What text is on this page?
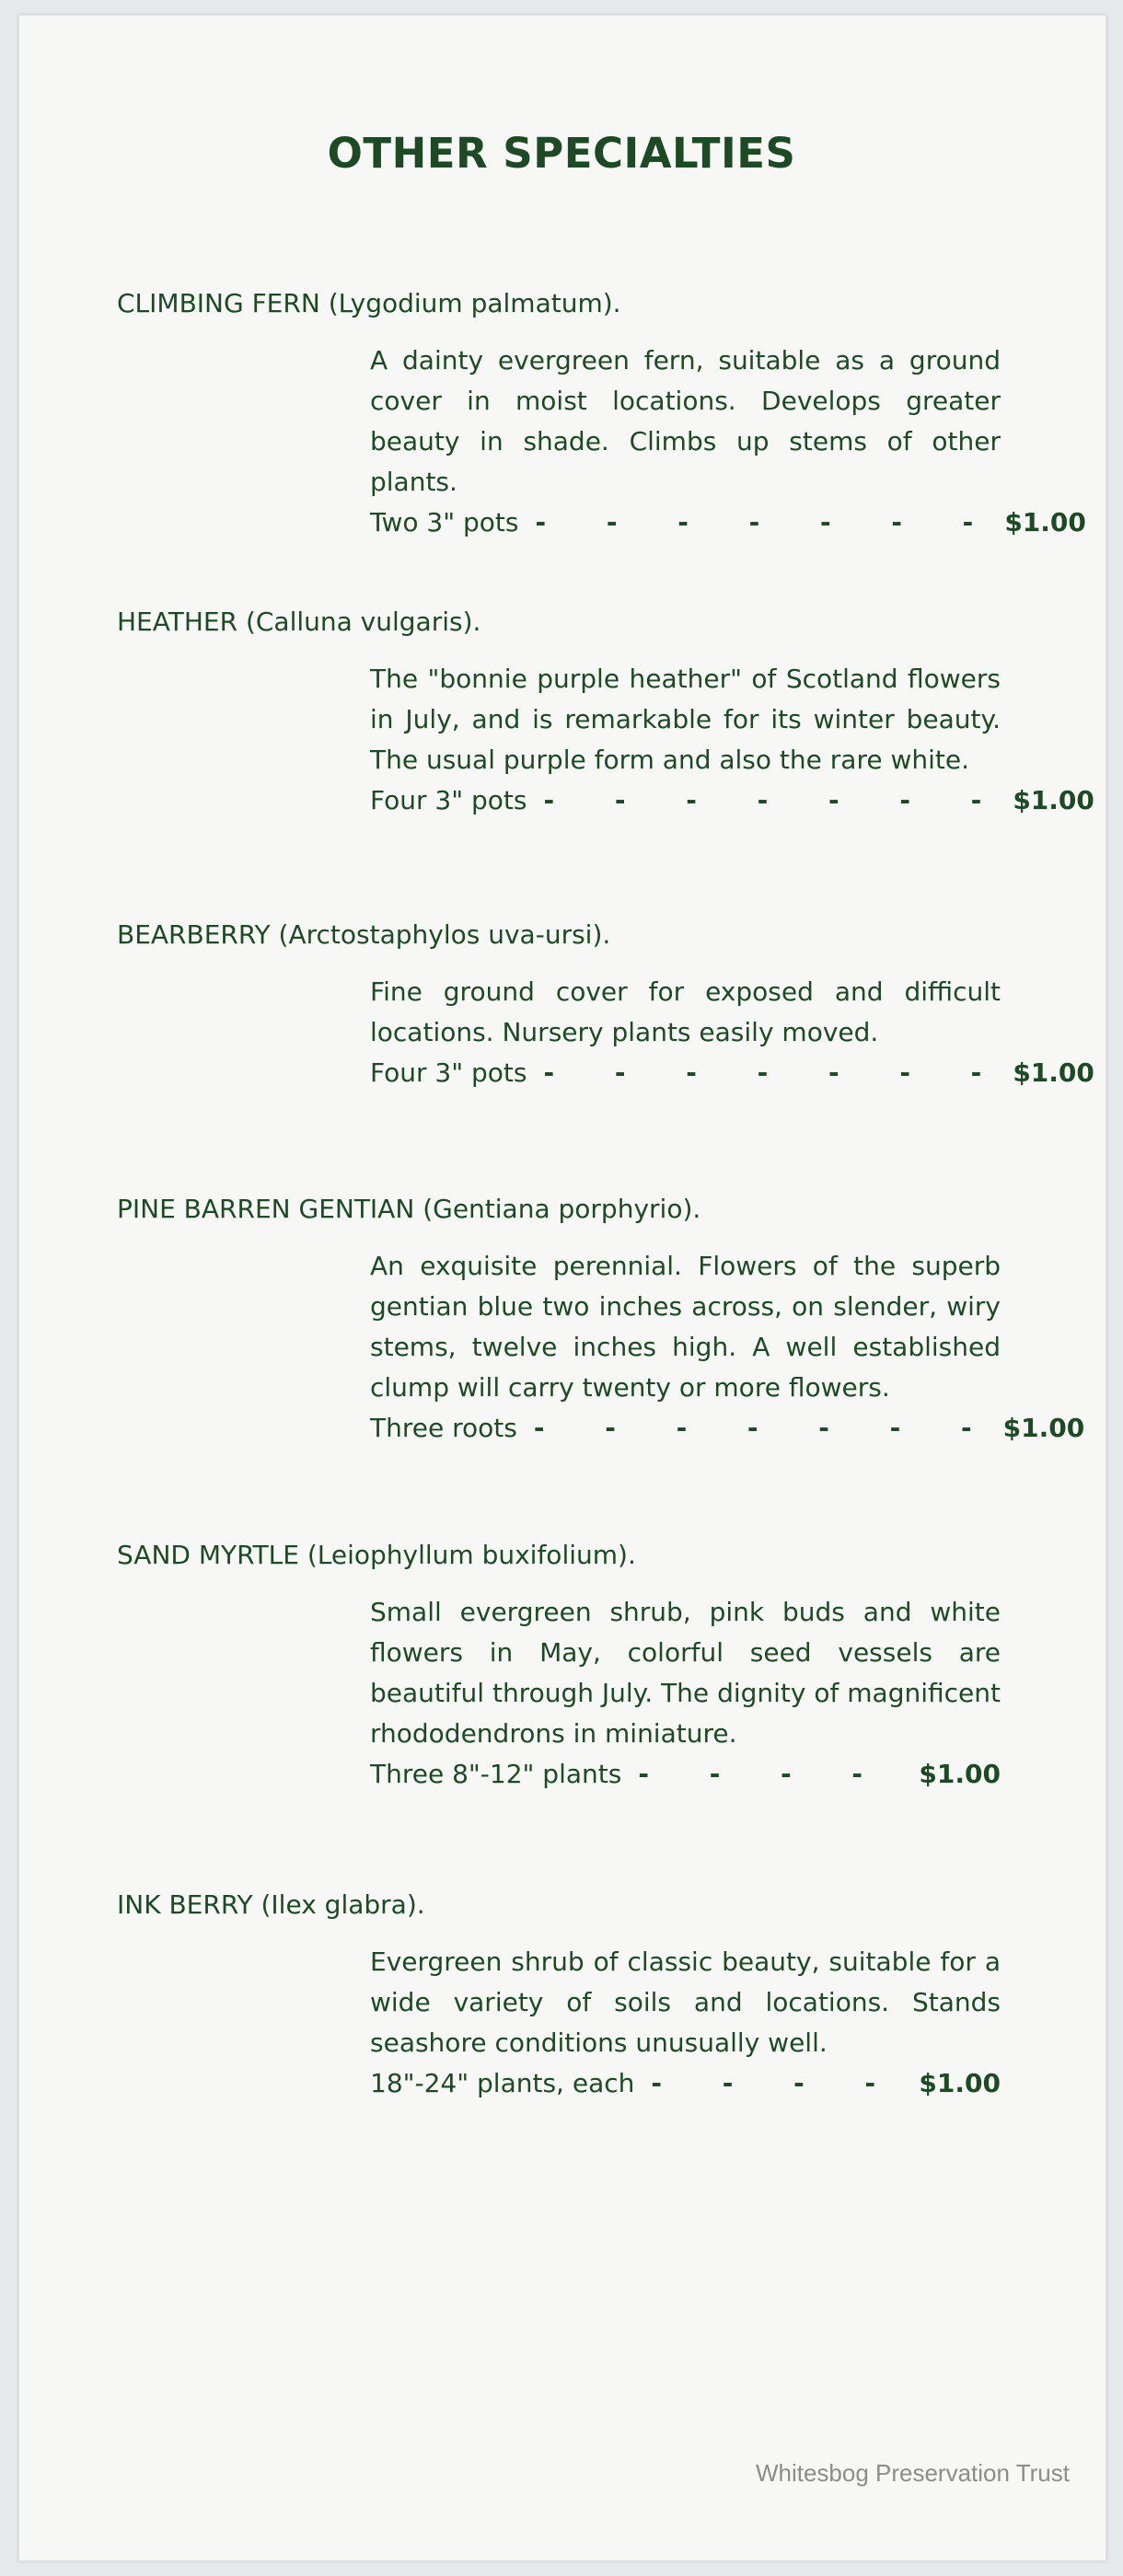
OTHER SPECIALTIES
CLIMBING FERN (Lygodium palmatum).

A dainty evergreen fern, suitable as a ground cover in moist locations. Develops greater beauty in shade. Climbs up stems of other plants.

Two 3" pots - - - - - - - $1.00
HEATHER (Calluna vulgaris).

The "bonnie purple heather" of Scotland flowers in July, and is remarkable for its winter beauty. The usual purple form and also the rare white.

Four 3" pots - - - - - - - $1.00
BEARBERRY (Arctostaphylos uva-ursi).

Fine ground cover for exposed and difficult locations. Nursery plants easily moved.

Four 3" pots - - - - - - - $1.00
PINE BARREN GENTIAN (Gentiana porphyrio).

An exquisite perennial. Flowers of the superb gentian blue two inches across, on slender, wiry stems, twelve inches high. A well established clump will carry twenty or more flowers.

Three roots - - - - - - - $1.00
SAND MYRTLE (Leiophyllum buxifolium).

Small evergreen shrub, pink buds and white flowers in May, colorful seed vessels are beautiful through July. The dignity of magnificent rhododendrons in miniature.

Three 8"-12" plants - - - -	$1.00
INK BERRY (Ilex glabra).

Evergreen shrub of classic beauty, suitable for a wide variety of soils and locations. Stands seashore conditions unusually well.

18"-24" plants, each - - - - $1.00
Whitesbog Preservation Trust
